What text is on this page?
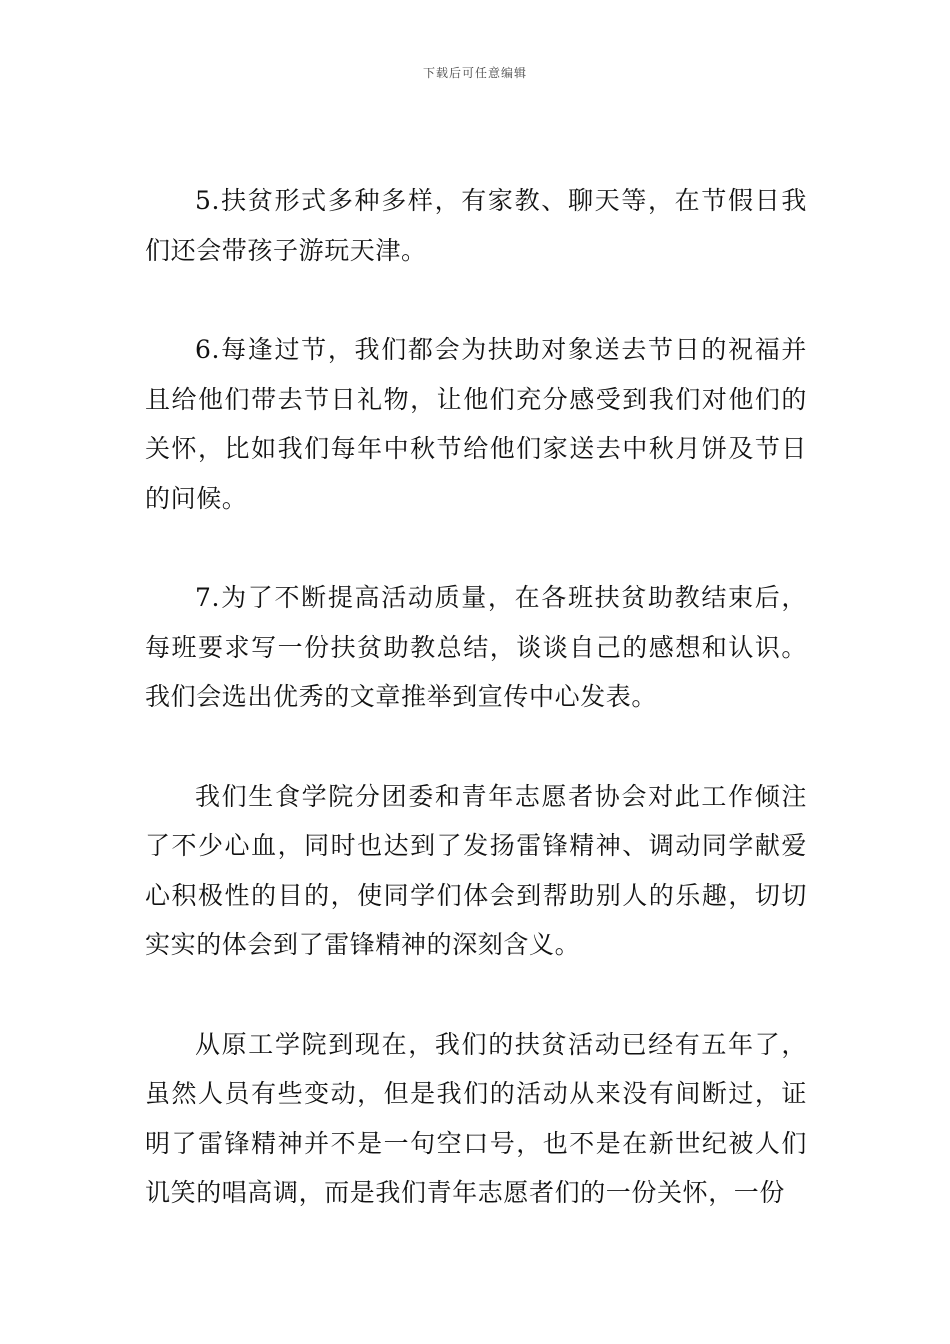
下载后可任意编辑

5.扶贫形式多种多样，有家教、聊天等，在节假日我们还会带孩子游玩天津。

6.每逢过节，我们都会为扶助对象送去节日的祝福并且给他们带去节日礼物，让他们充分感受到我们对他们的关怀，比如我们每年中秋节给他们家送去中秋月饼及节日的问候。

7.为了不断提高活动质量，在各班扶贫助教结束后，每班要求写一份扶贫助教总结，谈谈自己的感想和认识。我们会选出优秀的文章推举到宣传中心发表。

我们生食学院分团委和青年志愿者协会对此工作倾注了不少心血，同时也达到了发扬雷锋精神、调动同学献爱心积极性的目的，使同学们体会到帮助别人的乐趣，切切实实的体会到了雷锋精神的深刻含义。

从原工学院到现在，我们的扶贫活动已经有五年了，虽然人员有些变动，但是我们的活动从来没有间断过，证明了雷锋精神并不是一句空口号，也不是在新世纪被人们讥笑的唱高调，而是我们青年志愿者们的一份关怀，一份
